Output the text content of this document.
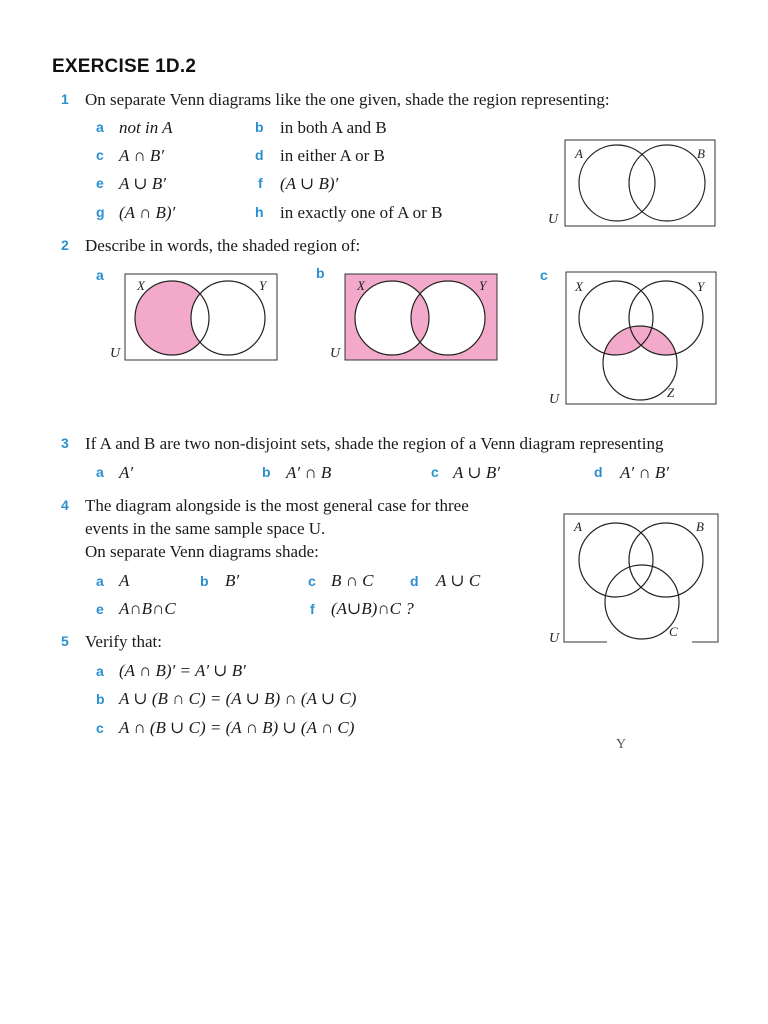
EXERCISE 1D.2
1 On separate Venn diagrams like the one given, shade the region representing:
a not in A	b in both A and B
c A ∩ B′	d in either A or B
e A ∪ B′	f (A ∪ B)′
g (A ∩ B)′	h in exactly one of A or B
A	B
U
2 Describe in words, the shaded region of:
a	b	c
X	Y
U
X	Y
U
X	Y
Z
U
3 If A and B are two non-disjoint sets, shade the region of a Venn diagram representing
a A′	b A′ ∩ B	c A ∪ B′	d A′ ∩ B′
4 The diagram alongside is the most general case for three
events in the same sample space U.
On separate Venn diagrams shade:
a A	b B′	c B ∩ C	d A ∪ C
e A∩B∩C	f (A∪B)∩C ?
A	B
C
U
5 Verify that:
a (A ∩ B)′ = A′ ∪ B′
b A ∪ (B ∩ C) = (A ∪ B) ∩ (A ∪ C)
c A ∩ (B ∪ C) = (A ∩ B) ∪ (A ∩ C)
Y
